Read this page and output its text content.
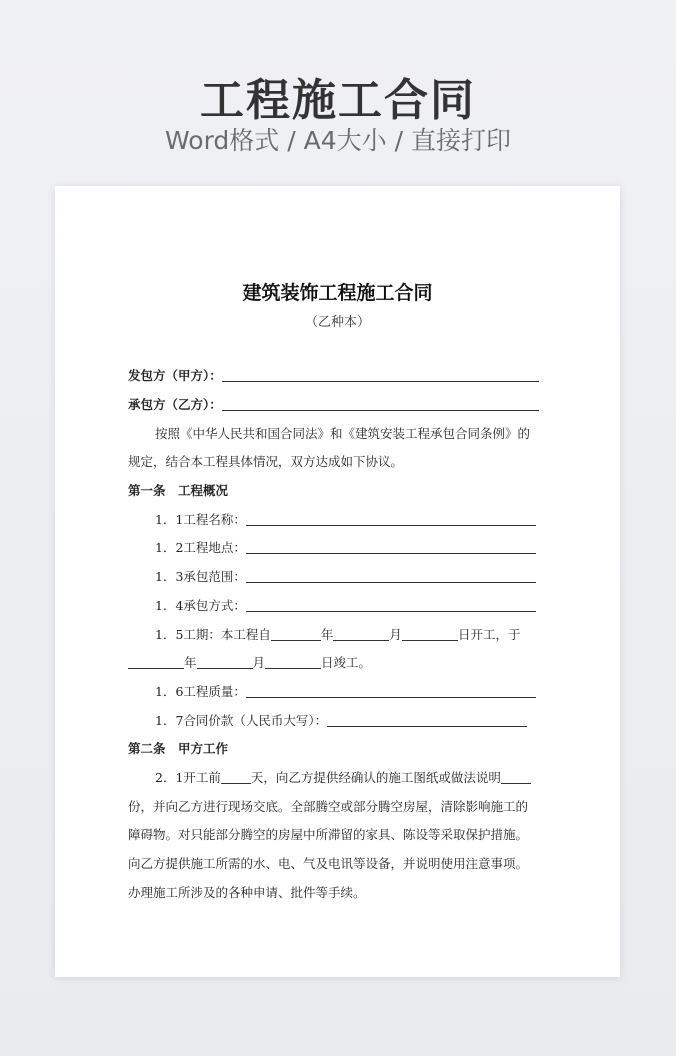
工程施工合同
Word格式 / A4大小 / 直接打印
建筑装饰工程施工合同
（乙种本）
发包方（甲方）：
承包方（乙方）：
按照《中华人民共和国合同法》和《建筑安装工程承包合同条例》的
规定，结合本工程具体情况，双方达成如下协议。
第一条　工程概况
1．1工程名称：
1．2工程地点：
1．3承包范围：
1．4承包方式：
1．5工期：本工程自	年	月	日开工，于
年	月	日竣工。
1．6工程质量：
1．7合同价款（人民币大写）：
第二条　甲方工作
2．1开工前 天，向乙方提供经确认的施工图纸或做法说明
份，并向乙方进行现场交底。全部腾空或部分腾空房屋，清除影响施工的
障碍物。对只能部分腾空的房屋中所滞留的家具、陈设等采取保护措施。
向乙方提供施工所需的水、电、气及电讯等设备，并说明使用注意事项。
办理施工所涉及的各种申请、批件等手续。
